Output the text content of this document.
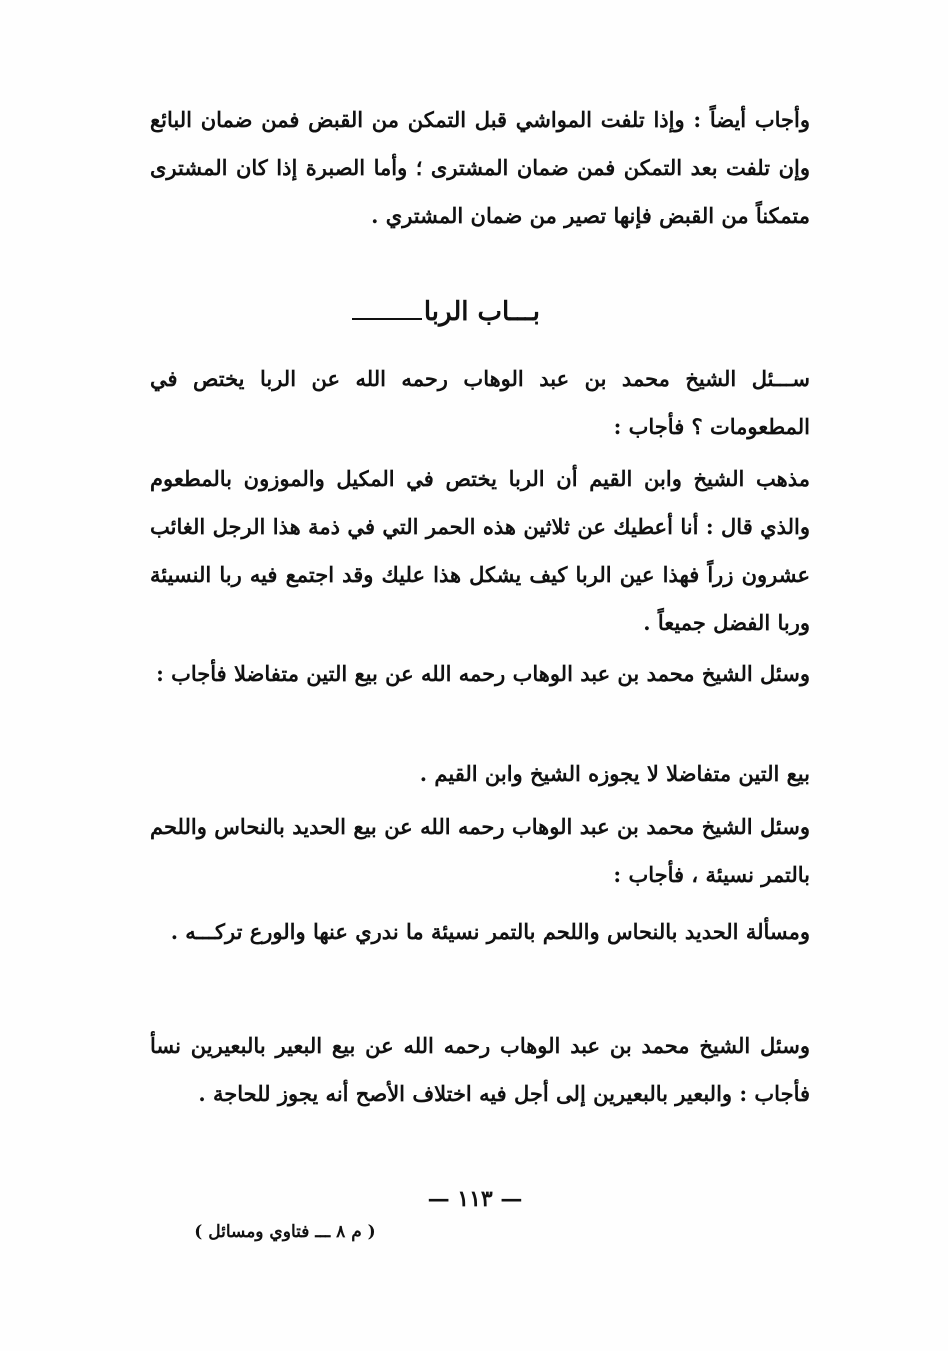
وأجاب أيضاً : وإذا تلفت المواشي قبل التمكن من القبض فمن ضمان البائع وإن تلفت بعد التمكن فمن ضمان المشترى ؛ وأما الصبرة إذا كان المشترى متمكناً من القبض فإنها تصير من ضمان المشتري .
بـــاب الربا
ســـئل الشيخ محمد بن عبد الوهاب رحمه الله عن الربا يختص في المطعومات ؟ فأجاب :
مذهب الشيخ وابن القيم أن الربا يختص في المكيل والموزون بالمطعوم والذي قال : أنا أعطيك عن ثلاثين هذه الحمر التي في ذمة هذا الرجل الغائب عشرون زراً فهذا عين الربا كيف يشكل هذا عليك وقد اجتمع فيه ربا النسيئة وربا الفضل جميعاً .
وسئل الشيخ محمد بن عبد الوهاب رحمه الله عن بيع التين متفاضلا فأجاب :
بيع التين متفاضلا لا يجوزه الشيخ وابن القيم .
وسئل الشيخ محمد بن عبد الوهاب رحمه الله عن بيع الحديد بالنحاس واللحم بالتمر نسيئة ، فأجاب :
ومسألة الحديد بالنحاس واللحم بالتمر نسيئة ما ندري عنها والورع تركـــه .
وسئل الشيخ محمد بن عبد الوهاب رحمه الله عن بيع البعير بالبعيرين نسأ فأجاب : والبعير بالبعيرين إلى أجل فيه اختلاف الأصح أنه يجوز للحاجة .
— ١١٣ —
( م ٨ ـــ فتاوي ومسائل )
